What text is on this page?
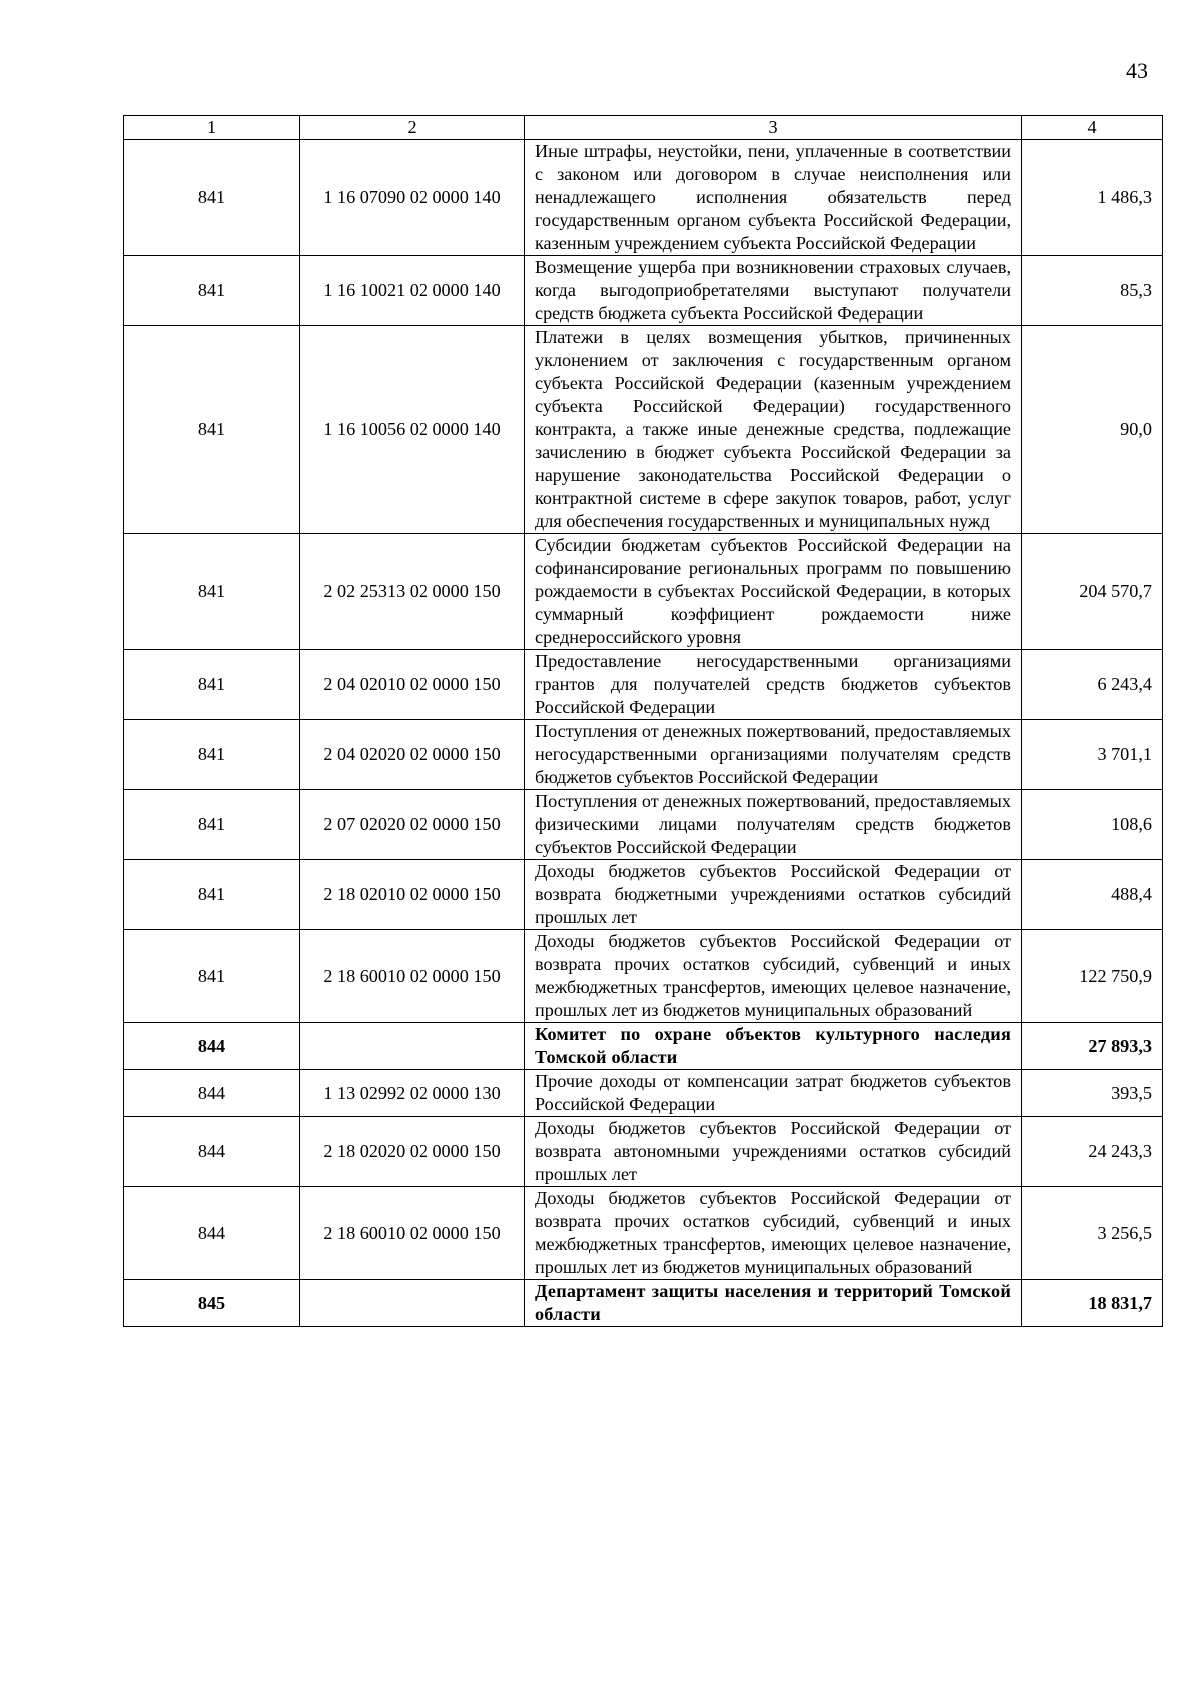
43
1	2	3	4
841	1 16 07090 02 0000 140	Иные штрафы, неустойки, пени, уплаченные в соответствии с законом или договором в случае неисполнения или ненадлежащего исполнения обязательств перед государственным органом субъекта Российской Федерации, казенным учреждением субъекта Российской Федерации	1 486,3
841	1 16 10021 02 0000 140	Возмещение ущерба при возникновении страховых случаев, когда выгодоприобретателями выступают получатели средств бюджета субъекта Российской Федерации	85,3
841	1 16 10056 02 0000 140	Платежи в целях возмещения убытков, причиненных уклонением от заключения с государственным органом субъекта Российской Федерации (казенным учреждением субъекта Российской Федерации) государственного контракта, а также иные денежные средства, подлежащие зачислению в бюджет субъекта Российской Федерации за нарушение законодательства Российской Федерации о контрактной системе в сфере закупок товаров, работ, услуг для обеспечения государственных и муниципальных нужд	90,0
841	2 02 25313 02 0000 150	Субсидии бюджетам субъектов Российской Федерации на софинансирование региональных программ по повышению рождаемости в субъектах Российской Федерации, в которых суммарный коэффициент рождаемости ниже среднероссийского уровня	204 570,7
841	2 04 02010 02 0000 150	Предоставление негосударственными организациями грантов для получателей средств бюджетов субъектов Российской Федерации	6 243,4
841	2 04 02020 02 0000 150	Поступления от денежных пожертвований, предоставляемых негосударственными организациями получателям средств бюджетов субъектов Российской Федерации	3 701,1
841	2 07 02020 02 0000 150	Поступления от денежных пожертвований, предоставляемых физическими лицами получателям средств бюджетов субъектов Российской Федерации	108,6
841	2 18 02010 02 0000 150	Доходы бюджетов субъектов Российской Федерации от возврата бюджетными учреждениями остатков субсидий прошлых лет	488,4
841	2 18 60010 02 0000 150	Доходы бюджетов субъектов Российской Федерации от возврата прочих остатков субсидий, субвенций и иных межбюджетных трансфертов, имеющих целевое назначение, прошлых лет из бюджетов муниципальных образований	122 750,9
844		Комитет по охране объектов культурного наследия Томской области	27 893,3
844	1 13 02992 02 0000 130	Прочие доходы от компенсации затрат бюджетов субъектов Российской Федерации	393,5
844	2 18 02020 02 0000 150	Доходы бюджетов субъектов Российской Федерации от возврата автономными учреждениями остатков субсидий прошлых лет	24 243,3
844	2 18 60010 02 0000 150	Доходы бюджетов субъектов Российской Федерации от возврата прочих остатков субсидий, субвенций и иных межбюджетных трансфертов, имеющих целевое назначение, прошлых лет из бюджетов муниципальных образований	3 256,5
845		Департамент защиты населения и территорий Томской области	18 831,7
